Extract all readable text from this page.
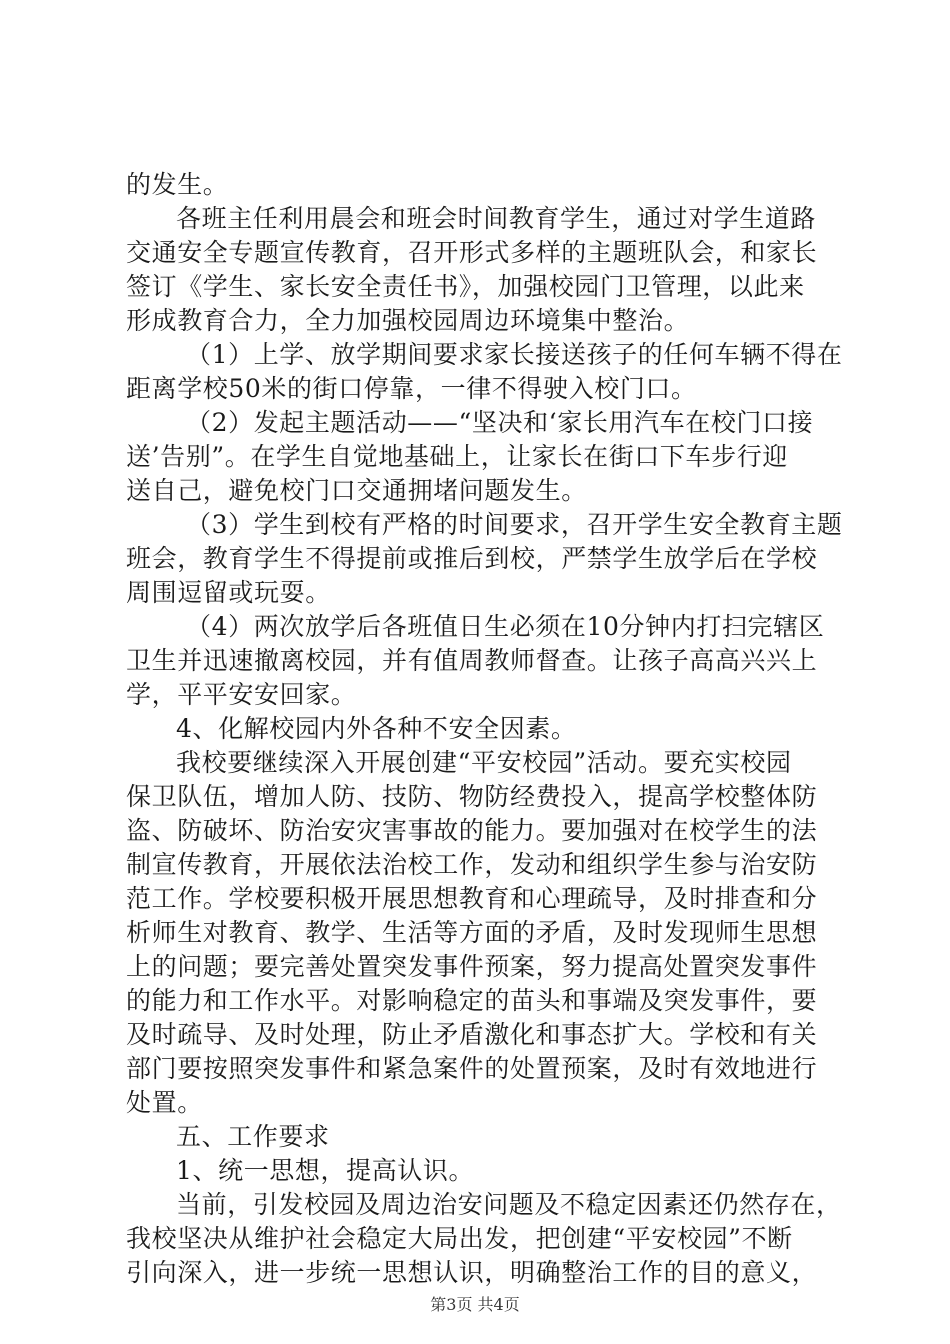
的发生。
各班主任利用晨会和班会时间教育学生，通过对学生道路
交通安全专题宣传教育，召开形式多样的主题班队会，和家长
签订《学生、家长安全责任书》，加强校园门卫管理，以此来
形成教育合力，全力加强校园周边环境集中整治。
（1）上学、放学期间要求家长接送孩子的任何车辆不得在
距离学校50米的街口停靠，一律不得驶入校门口。
（2）发起主题活动——“坚决和‘家长用汽车在校门口接
送’告别”。在学生自觉地基础上，让家长在街口下车步行迎
送自己，避免校门口交通拥堵问题发生。
（3）学生到校有严格的时间要求，召开学生安全教育主题
班会，教育学生不得提前或推后到校，严禁学生放学后在学校
周围逗留或玩耍。
（4）两次放学后各班值日生必须在10分钟内打扫完辖区
卫生并迅速撤离校园，并有值周教师督查。让孩子高高兴兴上
学，平平安安回家。
4、化解校园内外各种不安全因素。
我校要继续深入开展创建“平安校园”活动。要充实校园
保卫队伍，增加人防、技防、物防经费投入，提高学校整体防
盗、防破坏、防治安灾害事故的能力。要加强对在校学生的法
制宣传教育，开展依法治校工作，发动和组织学生参与治安防
范工作。学校要积极开展思想教育和心理疏导，及时排查和分
析师生对教育、教学、生活等方面的矛盾，及时发现师生思想
上的问题；要完善处置突发事件预案，努力提高处置突发事件
的能力和工作水平。对影响稳定的苗头和事端及突发事件，要
及时疏导、及时处理，防止矛盾激化和事态扩大。学校和有关
部门要按照突发事件和紧急案件的处置预案，及时有效地进行
处置。
五、工作要求
1、统一思想，提高认识。
当前，引发校园及周边治安问题及不稳定因素还仍然存在，
我校坚决从维护社会稳定大局出发，把创建“平安校园”不断
引向深入，进一步统一思想认识，明确整治工作的目的意义，
第3页 共4页
